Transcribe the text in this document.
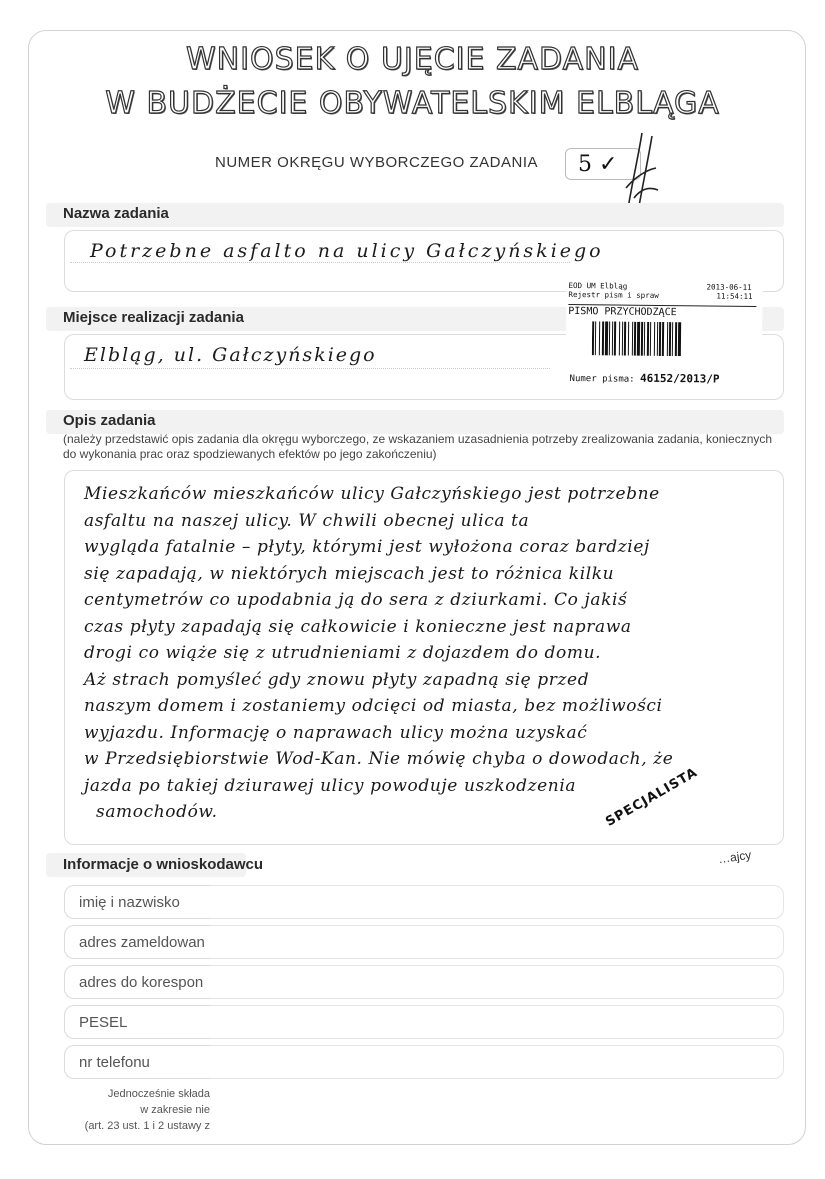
WNIOSEK O UJĘCIE ZADANIA
W BUDŻECIE OBYWATELSKIM ELBLĄGA
NUMER OKRĘGU WYBORCZEGO ZADANIA	5 ✓
Nazwa zadania
Potrzebne asfalto na ulicy Gałczyńskiego
Miejsce realizacji zadania
Elbląg, ul. Gałczyńskiego
EOD UM Elbląg
Rejestr pism i spraw
2013-06-11
11:54:11
PISMO PRZYCHODZĄCE
Numer pisma: 46152/2013/P
Opis zadania
(należy przedstawić opis zadania dla okręgu wyborczego, ze wskazaniem uzasadnienia potrzeby zrealizowania zadania, koniecznych do wykonania prac oraz spodziewanych efektów po jego zakończeniu)
Mieszkańców mieszkańców ulicy Gałczyńskiego jest potrzebne
asfaltu na naszej ulicy. W chwili obecnej ulica ta
wygląda fatalnie – płyty, którymi jest wyłożona coraz bardziej
się zapadają, w niektórych miejscach jest to różnica kilku
centymetrów co upodabnia ją do sera z dziurkami. Co jakiś
czas płyty zapadają się całkowicie i konieczne jest naprawa
drogi co wiąże się z utrudnieniami z dojazdem do domu.
Aż strach pomyśleć gdy znowu płyty zapadną się przed
naszym domem i zostaniemy odcięci od miasta, bez możliwości
wyjazdu. Informację o naprawach ulicy można uzyskać
w Przedsiębiorstwie Wod-Kan. Nie mówię chyba o dowodach, że
jazda po takiej dziurawej ulicy powoduje uszkodzenia
samochodów.	SPECJALISTA
…ajcy
Informacje o wnioskodawcu
imię i nazwisko
adres zameldowan
adres do korespon
PESEL
nr telefonu
Jednocześnie składa
w zakresie nie
(art. 23 ust. 1 i 2 ustawy z
